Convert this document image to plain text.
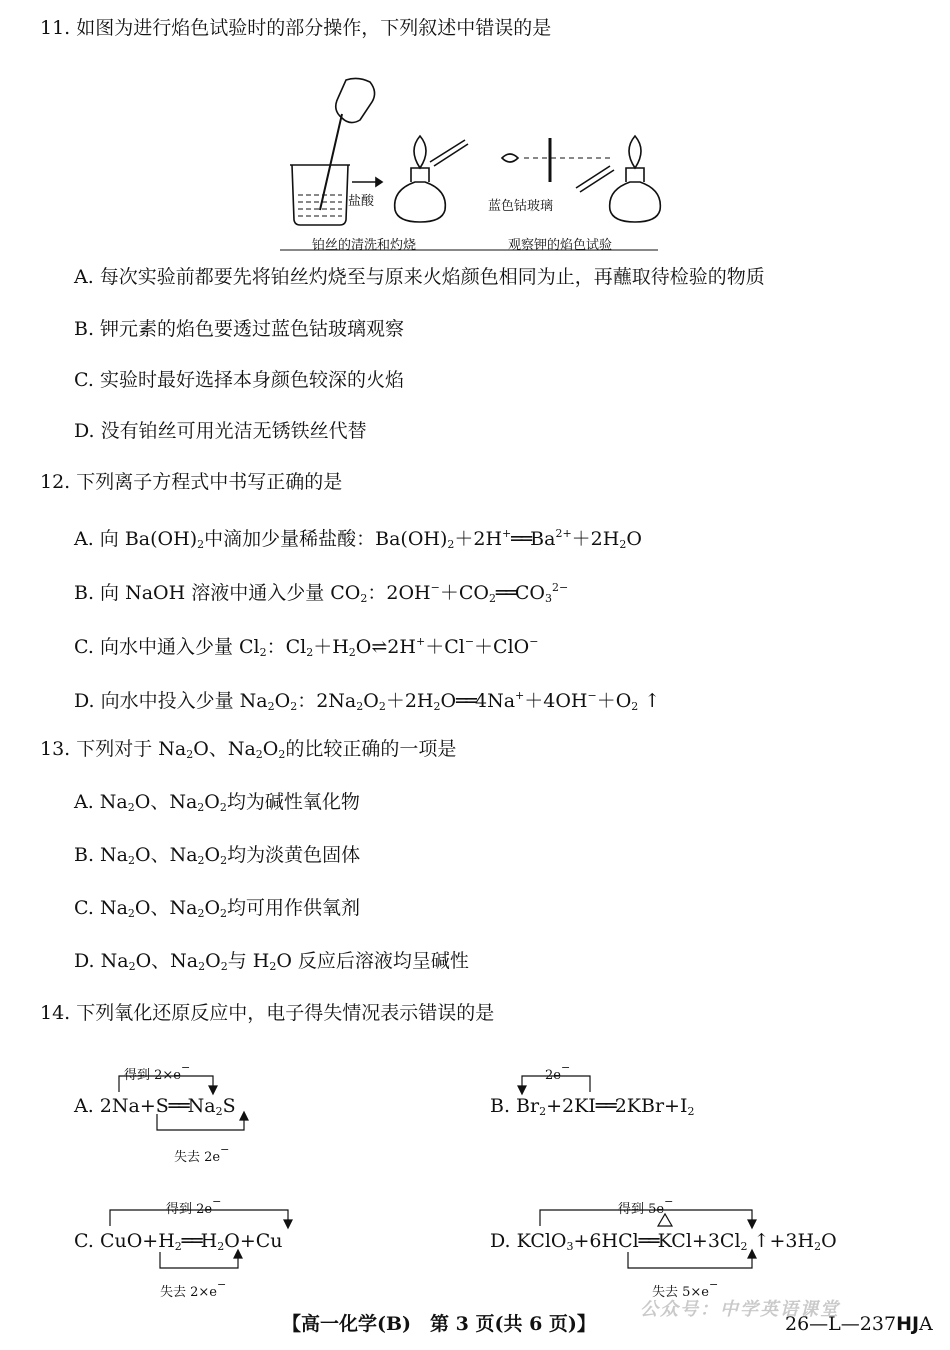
11. 如图为进行焰色试验时的部分操作，下列叙述中错误的是
盐酸	蓝色钴玻璃
铂丝的清洗和灼烧	观察钾的焰色试验
A. 每次实验前都要先将铂丝灼烧至与原来火焰颜色相同为止，再蘸取待检验的物质
B. 钾元素的焰色要透过蓝色钴玻璃观察
C. 实验时最好选择本身颜色较深的火焰
D. 没有铂丝可用光洁无锈铁丝代替
12. 下列离子方程式中书写正确的是
A. 向 $Ba(OH)_2$中滴加少量稀盐酸：$Ba(OH)_2+2H^+══Ba^{2+}+2H_2O$
B. 向 NaOH 溶液中通入少量 $CO_2$：$2OH^-+CO_2══CO_3^{2-}$
C. 向水中通入少量 $Cl_2$：$Cl_2+H_2O\rightleftharpoons 2H^++Cl^-+ClO^-$
D. 向水中投入少量 $Na_2O_2$：$2Na_2O_2+2H_2O══4Na^++4OH^-+O_2$ ↑
13. 下列对于 $Na_2O$、$Na_2O_2$的比较正确的一项是
A. $Na_2O$、$Na_2O_2$均为碱性氧化物
B. $Na_2O$、$Na_2O_2$均为淡黄色固体
C. $Na_2O$、$Na_2O_2$均可用作供氧剂
D. $Na_2O$、$Na_2O_2$与 $H_2O$ 反应后溶液均呈碱性
14. 下列氧化还原反应中，电子得失情况表示错误的是
得到 2×e−
A. $2Na+S══Na_2S$
失去 2e−
2e−
B. $Br_2+2KI══2KBr+I_2$
得到 2e−
C. $CuO+H_2══H_2O+Cu$
失去 2×e−
得到 5e−
D. $KClO_3+6HCl══KCl+3Cl_2$ $↑+3H_2O$
失去 5×e−
【高一化学(B)　第 3 页(共 6 页)】
公众号：中学英语课堂
26—L—237HJA
